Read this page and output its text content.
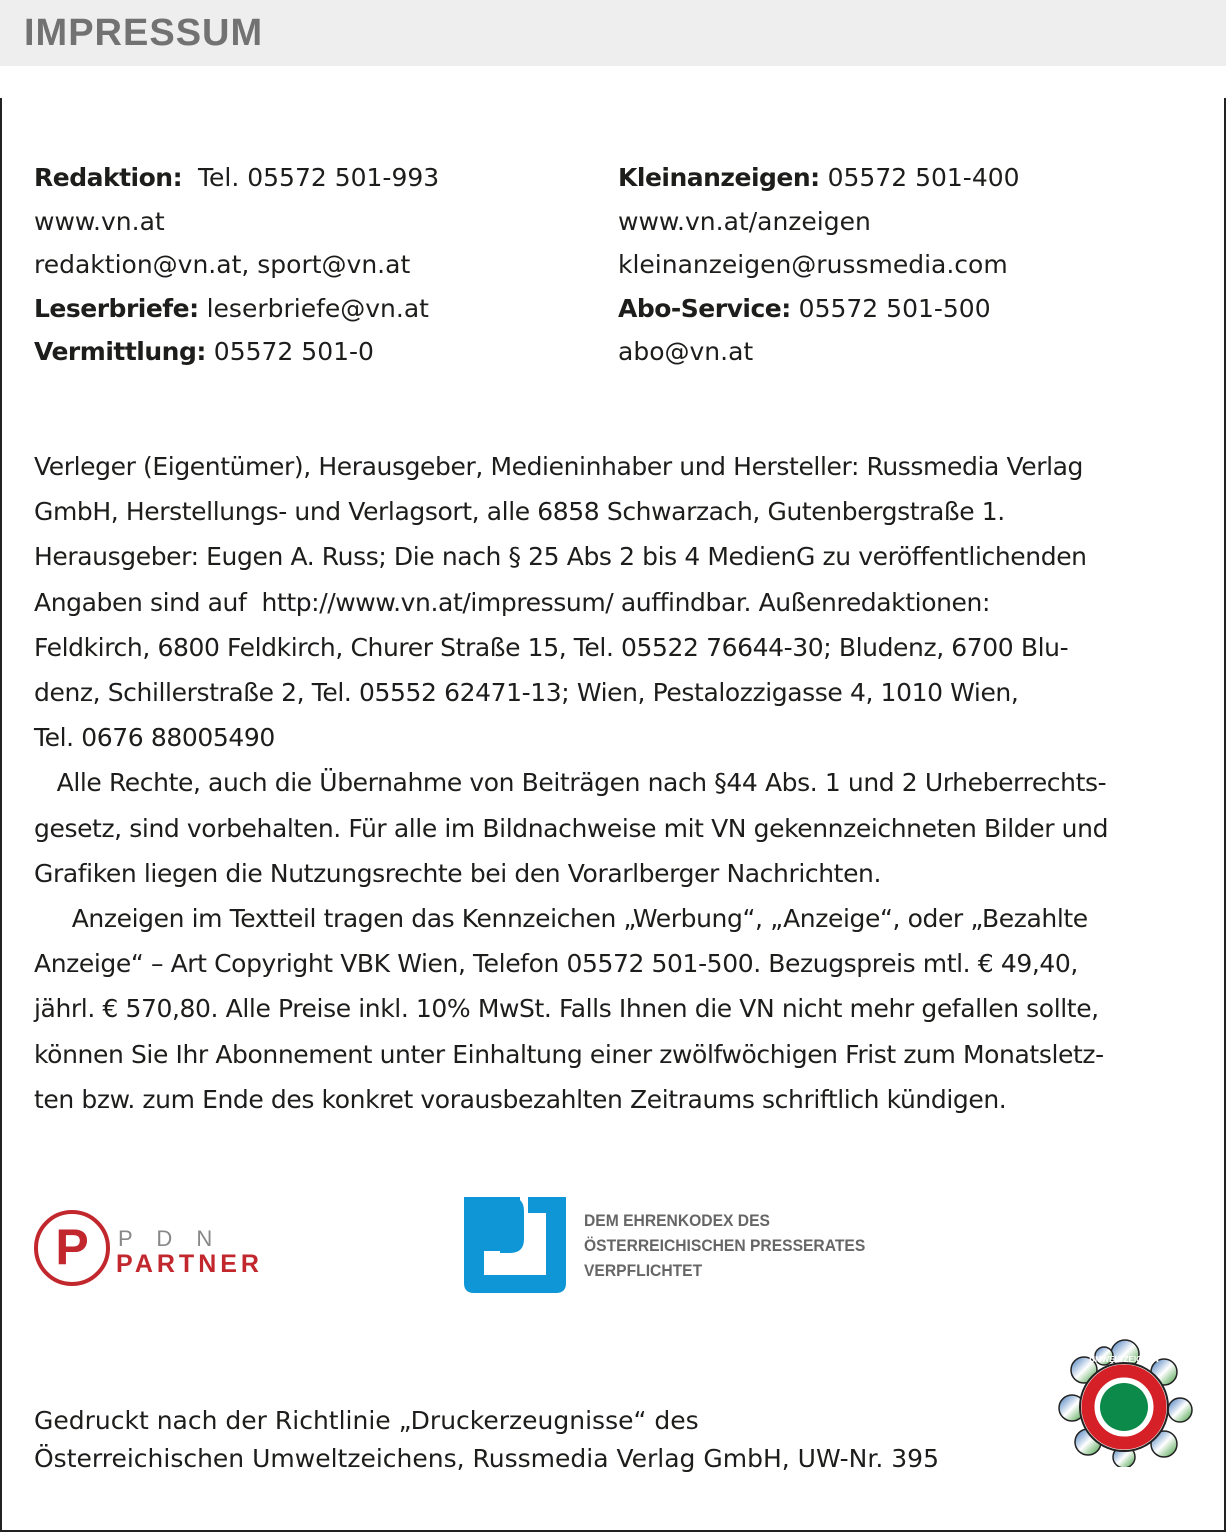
IMPRESSUM
Redaktion:  Tel. 05572 501-993
www.vn.at
redaktion@vn.at, sport@vn.at
Leserbriefe: leserbriefe@vn.at
Vermittlung: 05572 501-0
Kleinanzeigen: 05572 501-400
www.vn.at/anzeigen
kleinanzeigen@russmedia.com
Abo-Service: 05572 501-500
abo@vn.at
Verleger (Eigentümer), Herausgeber, Medieninhaber und Hersteller: Russmedia Verlag
GmbH, Herstellungs- und Verlagsort, alle 6858 Schwarzach, Gutenbergstraße 1.
Herausgeber: Eugen A. Russ; Die nach § 25 Abs 2 bis 4 MedienG zu veröffentlichenden
Angaben sind auf  http://www.vn.at/impressum/ auffindbar. Außenredaktionen:
Feldkirch, 6800 Feldkirch, Churer Straße 15, Tel. 05522 76644-30; Bludenz, 6700 Blu-
denz, Schillerstraße 2, Tel. 05552 62471-13; Wien, Pestalozzigasse 4, 1010 Wien,
Tel. 0676 88005490
Alle Rechte, auch die Übernahme von Beiträgen nach §44 Abs. 1 und 2 Urheberrechts-
gesetz, sind vorbehalten. Für alle im Bildnachweise mit VN gekennzeichneten Bilder und
Grafiken liegen die Nutzungsrechte bei den Vorarlberger Nachrichten.
Anzeigen im Textteil tragen das Kennzeichen „Werbung“, „Anzeige“, oder „Bezahlte
Anzeige“ – Art Copyright VBK Wien, Telefon 05572 501-500. Bezugspreis mtl. € 49,40,
jährl. € 570,80. Alle Preise inkl. 10% MwSt. Falls Ihnen die VN nicht mehr gefallen sollte,
können Sie Ihr Abonnement unter Einhaltung einer zwölfwöchigen Frist zum Monatsletz-
ten bzw. zum Ende des konkret vorausbezahlten Zeitraums schriftlich kündigen.
P P D N
PARTNER
DEM EHRENKODEX DES
ÖSTERREICHISCHEN PRESSERATES
VERPFLICHTET
UMWELTZEICHEN
Gedruckt nach der Richtlinie „Druckerzeugnisse“ des
Österreichischen Umweltzeichens, Russmedia Verlag GmbH, UW-Nr. 395
